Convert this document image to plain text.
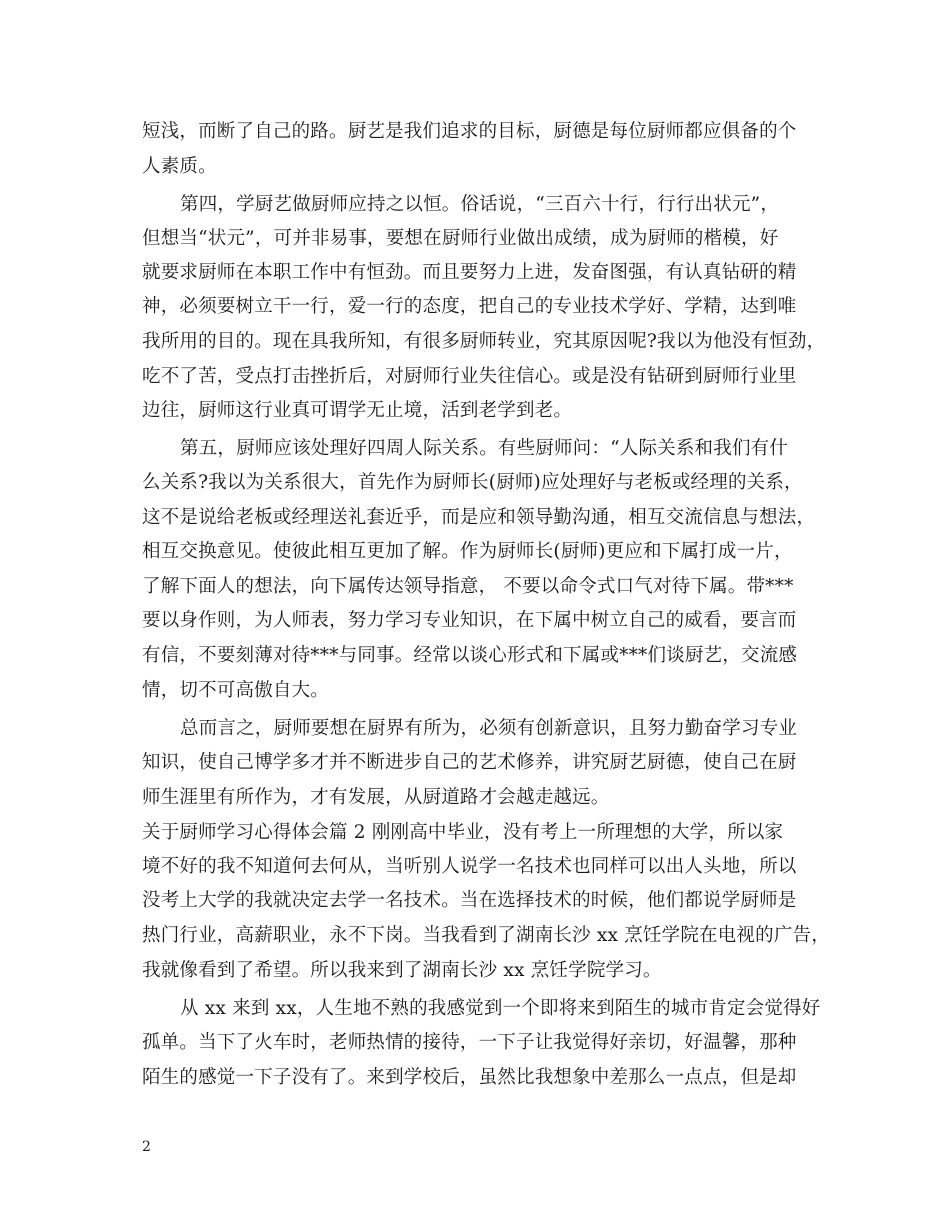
短浅，而断了自己的路。厨艺是我们追求的目标，厨德是每位厨师都应俱备的个
人素质。
第四，学厨艺做厨师应持之以恒。俗话说，“三百六十行，行行出状元”，
但想当“状元”，可并非易事，要想在厨师行业做出成绩，成为厨师的楷模，好
就要求厨师在本职工作中有恒劲。而且要努力上进，发奋图强，有认真钻研的精
神，必须要树立干一行，爱一行的态度，把自己的专业技术学好、学精，达到唯
我所用的目的。现在具我所知，有很多厨师转业，究其原因呢?我以为他没有恒劲，
吃不了苦，受点打击挫折后，对厨师行业失往信心。或是没有钻研到厨师行业里
边往，厨师这行业真可谓学无止境，活到老学到老。
第五，厨师应该处理好四周人际关系。有些厨师问：“人际关系和我们有什
么关系?我以为关系很大，首先作为厨师长(厨师)应处理好与老板或经理的关系，
这不是说给老板或经理送礼套近乎，而是应和领导勤沟通，相互交流信息与想法，
相互交换意见。使彼此相互更加了解。作为厨师长(厨师)更应和下属打成一片，
了解下面人的想法，向下属传达领导指意， 不要以命令式口气对待下属。带***
要以身作则，为人师表，努力学习专业知识，在下属中树立自己的威看，要言而
有信，不要刻薄对待***与同事。经常以谈心形式和下属或***们谈厨艺，交流感
情，切不可高傲自大。
总而言之，厨师要想在厨界有所为，必须有创新意识，且努力勤奋学习专业
知识，使自己博学多才并不断进步自己的艺术修养，讲究厨艺厨德，使自己在厨
师生涯里有所作为，才有发展，从厨道路才会越走越远。
关于厨师学习心得体会篇 2 刚刚高中毕业，没有考上一所理想的大学，所以家
境不好的我不知道何去何从，当听别人说学一名技术也同样可以出人头地，所以
没考上大学的我就决定去学一名技术。当在选择技术的时候，他们都说学厨师是
热门行业，高薪职业，永不下岗。当我看到了湖南长沙 xx 烹饪学院在电视的广告，
我就像看到了希望。所以我来到了湖南长沙 xx 烹饪学院学习。
从 xx 来到 xx，人生地不熟的我感觉到一个即将来到陌生的城市肯定会觉得好
孤单。当下了火车时，老师热情的接待，一下子让我觉得好亲切，好温馨，那种
陌生的感觉一下子没有了。来到学校后，虽然比我想象中差那么一点点，但是却
2
